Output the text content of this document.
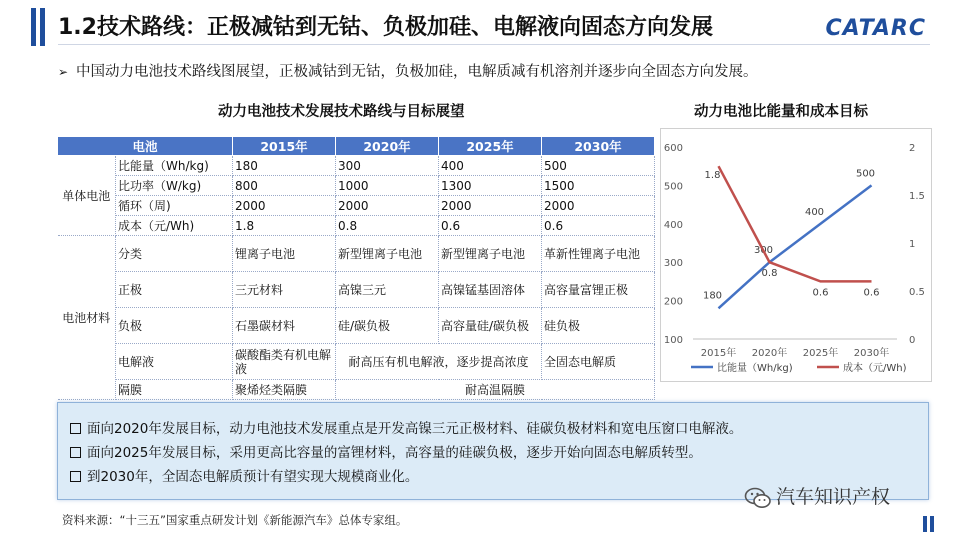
1.2技术路线：正极减钴到无钴、负极加硅、电解液向固态方向发展	CATARC
➢ 中国动力电池技术路线图展望，正极减钴到无钴，负极加硅，电解质减有机溶剂并逐步向全固态方向发展。
动力电池技术发展技术路线与目标展望	动力电池比能量和成本目标
电池		2015年	2020年	2025年	2030年
单体电池	比能量（Wh/kg)	180	300	400	500
	比功率（W/kg)	800	1000	1300	1500
	循环（周)	2000	2000	2000	2000
	成本（元/Wh)	1.8	0.8	0.6	0.6
电池材料	分类	锂离子电池	新型锂离子电池	新型锂离子电池	革新性锂离子电池
	正极	三元材料	高镍三元	高镍锰基固溶体	高容量富锂正极
	负极	石墨碳材料	硅/碳负极	高容量硅/碳负极	硅负极
	电解液	碳酸酯类有机电解液	耐高压有机电解液，逐步提高浓度		全固态电解质
	隔膜	聚烯烃类隔膜	耐高温隔膜		
100
200
300
400
500
600
0
0.5
1
1.5
2
2015年 2020年 2025年 2030年
180
300
400
500
1.8
0.8
0.6	0.6
比能量（Wh/kg)	成本（元/Wh)
面向2020年发展目标，动力电池技术发展重点是开发高镍三元正极材料、硅碳负极材料和宽电压窗口电解液。
面向2025年发展目标，采用更高比容量的富锂材料，高容量的硅碳负极，逐步开始向固态电解质转型。
到2030年，全固态电解质预计有望实现大规模商业化。
资料来源：“十三五”国家重点研发计划《新能源汽车》总体专家组。
汽车知识产权
